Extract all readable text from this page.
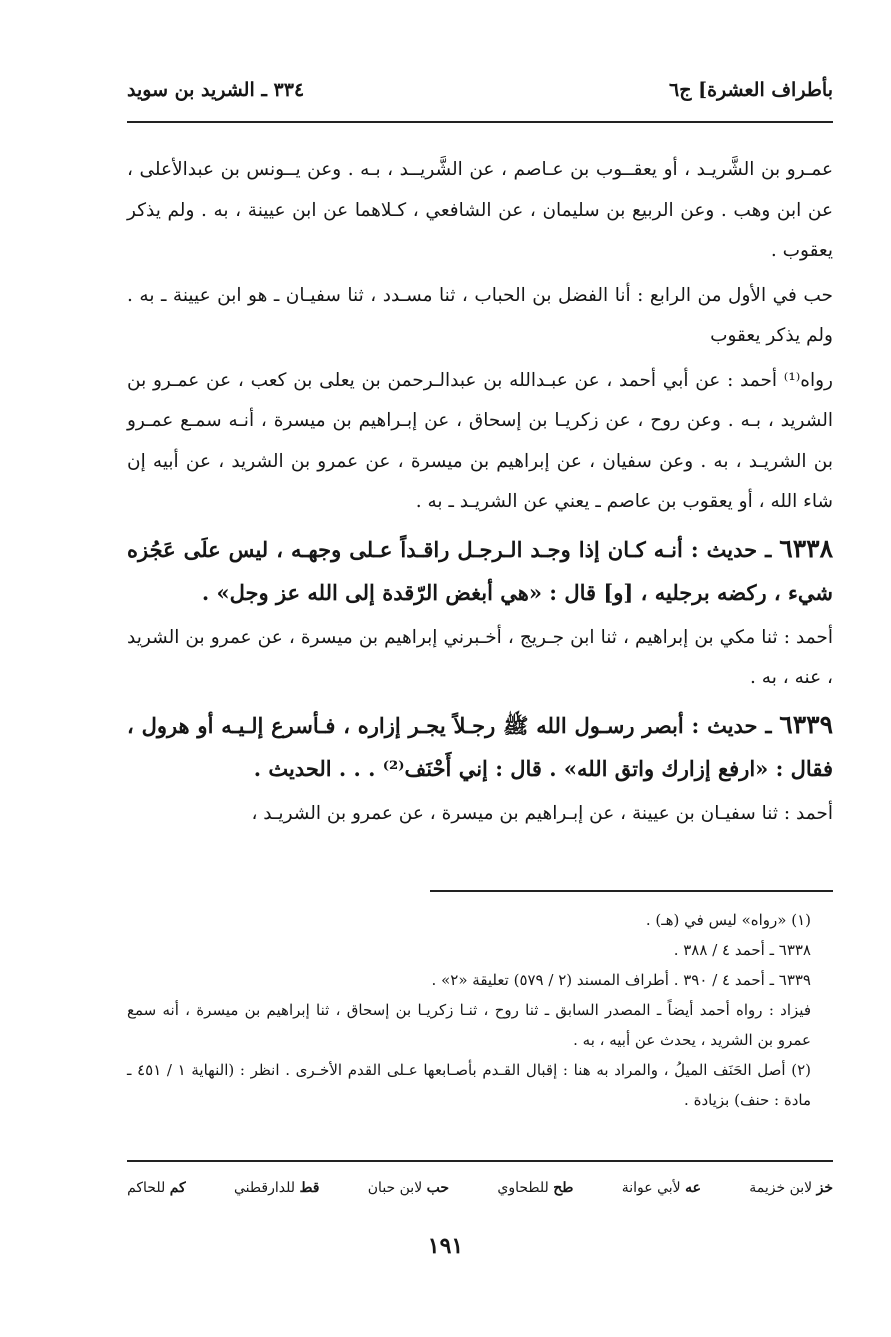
بأطراف العشرة] ج٦
٣٣٤ ـ الشريد بن سويد

عمـرو بن الشَّريـد ، أو يعقــوب بن عـاصم ، عن الشَّريــد ، بـه . وعن يــونس بن عبدالأعلى ، عن ابن وهب . وعن الربيع بن سليمان ، عن الشافعي ، كـلاهما عن ابن عيينة ، به . ولم يذكر يعقوب .

حب في الأول من الرابع : أنا الفضل بن الحباب ، ثنا مسـدد ، ثنا سفيـان ـ هو ابن عيينة ـ به . ولم يذكر يعقوب

رواه⁽¹⁾ أحمد : عن أبي أحمد ، عن عبـدالله بن عبدالـرحمن بن يعلى بن كعب ، عن عمـرو بن الشريد ، بـه . وعن روح ، عن زكريـا بن إسحاق ، عن إبـراهيم بن ميسرة ، أنـه سمـع عمـرو بن الشريـد ، به . وعن سفيان ، عن إبراهيم بن ميسرة ، عن عمرو بن الشريد ، عن أبيه إن شاء الله ، أو يعقوب بن عاصم ـ يعني عن الشريـد ـ به .

٦٣٣٨ ـ حديث : أنـه كـان إذا وجـد الـرجـل راقـداً عـلى وجهـه ، ليس علَى عَجُزه شيء ، ركضه برجليه ، [و] قال : «هي أبغض الرّقدة إلى الله عز وجل» .

أحمد : ثنا مكي بن إبراهيم ، ثنا ابن جـريج ، أخـبرني إبراهيم بن ميسرة ، عن عمرو بن الشريد ، عنه ، به .

٦٣٣٩ ـ حديث : أبصر رسـول الله ﷺ رجـلاً يجـر إزاره ، فـأسرع إلـيـه أو هرول ، فقال : «ارفع إزارك واتق الله» . قال : إني أَحْنَف⁽²⁾ . . . الحديث .

أحمد : ثنا سفيـان بن عيينة ، عن إبـراهيم بن ميسرة ، عن عمرو بن الشريـد ،

(١) «رواه» ليس في (هـ) .

٦٣٣٨ ـ أحمد ٤ / ٣٨٨ .

٦٣٣٩ ـ أحمد ٤ / ٣٩٠ . أطراف المسند (٢ / ٥٧٩) تعليقة «٢» .

فيزاد : رواه أحمد أيضاً ـ المصدر السابق ـ ثنا روح ، ثنـا زكريـا بن إسحاق ، ثنا إبراهيم بن ميسرة ، أنه سمع عمرو بن الشريد ، يحدث عن أبيه ، به .

(٢) أصل الحَنَف الميلُ ، والمراد به هنا : إقبال القـدم بأصـابعها عـلى القدم الأخـرى . انظر : (النهاية ١ / ٤٥١ ـ مادة : حنف) بزيادة .

خز لابن خزيمة
عه لأبي عوانة
طح للطحاوي
حب لابن حبان
قط للدارقطني
كم للحاكم
١٩١
